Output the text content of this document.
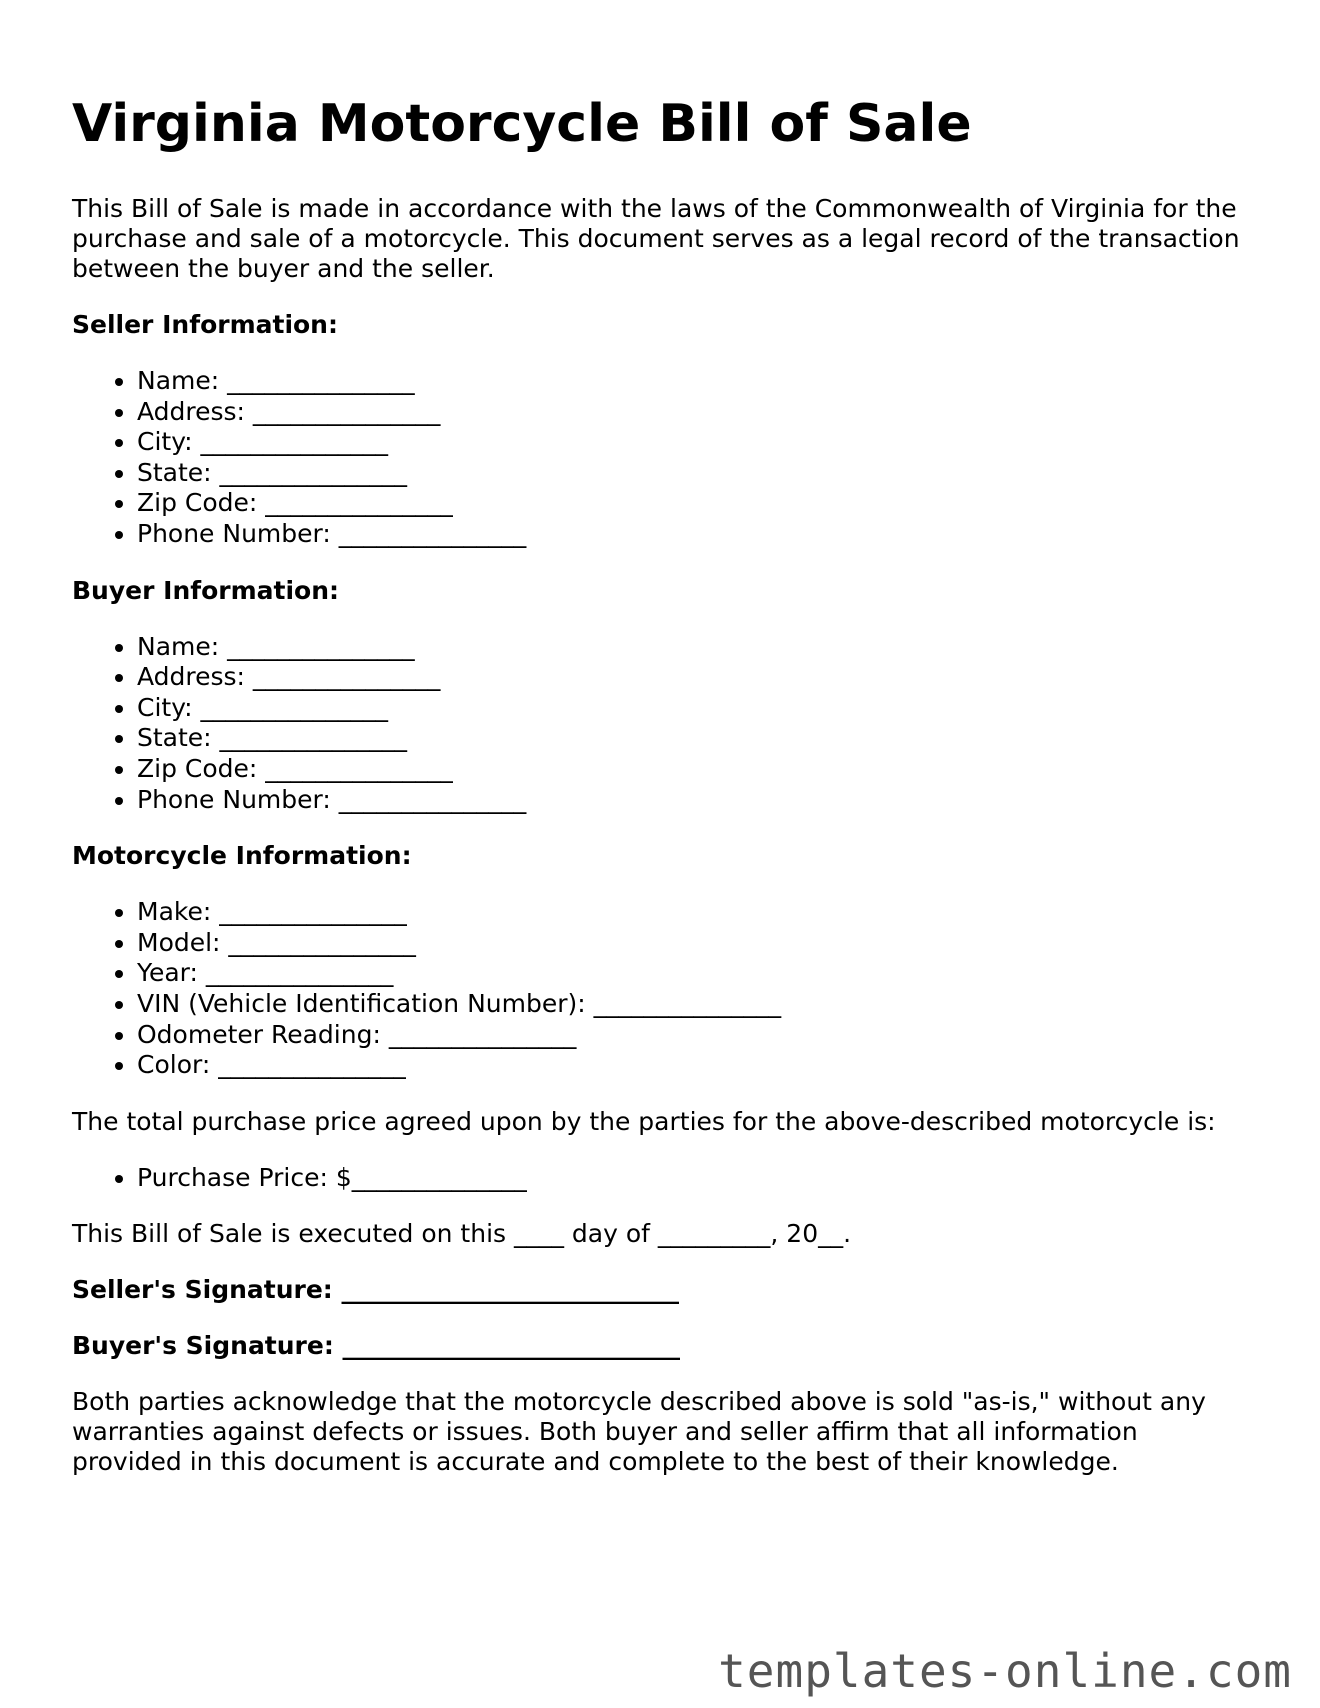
Virginia Motorcycle Bill of Sale

This Bill of Sale is made in accordance with the laws of the Commonwealth of Virginia for the purchase and sale of a motorcycle. This document serves as a legal record of the transaction between the buyer and the seller.

Seller Information:
• Name: _______________
• Address: _______________
• City: _______________
• State: _______________
• Zip Code: _______________
• Phone Number: _______________
Buyer Information:
• Name: _______________
• Address: _______________
• City: _______________
• State: _______________
• Zip Code: _______________
• Phone Number: _______________
Motorcycle Information:
• Make: _______________
• Model: _______________
• Year: _______________
• VIN (Vehicle Identification Number): _______________
• Odometer Reading: _______________
• Color: _______________

The total purchase price agreed upon by the parties for the above-described motorcycle is:

• Purchase Price: $______________

This Bill of Sale is executed on this ____ day of _________, 20__.

Seller's Signature: ___________________________

Buyer's Signature: ___________________________

Both parties acknowledge that the motorcycle described above is sold "as-is," without any warranties against defects or issues. Both buyer and seller affirm that all information provided in this document is accurate and complete to the best of their knowledge.

templates-online.com
